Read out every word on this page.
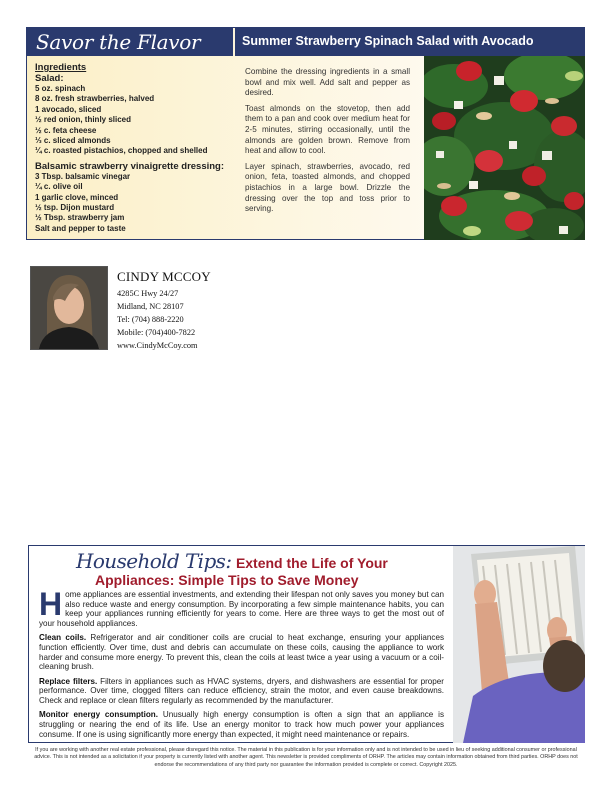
Savor the Flavor	Summer Strawberry Spinach Salad with Avocado
Ingredients
Salad:
5 oz. spinach
8 oz. fresh strawberries, halved
1 avocado, sliced
½ red onion, thinly sliced
½ c. feta cheese
⅓ c. sliced almonds
¼ c. roasted pistachios, chopped and shelled
Balsamic strawberry vinaigrette dressing:
3 Tbsp. balsamic vinegar
¼ c. olive oil
1 garlic clove, minced
½ tsp. Dijon mustard
½ Tbsp. strawberry jam
Salt and pepper to taste

Combine the dressing ingredients in a small bowl and mix well. Add salt and pepper as desired.

Toast almonds on the stovetop, then add them to a pan and cook over medium heat for 2-5 minutes, stirring occasionally, until the almonds are golden brown. Remove from heat and allow to cool.

Layer spinach, strawberries, avocado, red onion, feta, toasted almonds, and chopped pistachios in a large bowl. Drizzle the dressing over the top and toss prior to serving.

CINDY MCCOY
4285C Hwy 24/27
Midland, NC 28107
Tel: (704) 888-2220
Mobile: (704)400-7822
www.CindyMcCoy.com
Household Tips: Extend the Life of Your
Appliances: Simple Tips to Save Money

Home appliances are essential investments, and extending their lifespan not only saves you money but can also reduce waste and energy consumption. By incorporating a few simple maintenance habits, you can keep your appliances running efficiently for years to come. Here are three ways to get the most out of your household appliances.

Clean coils. Refrigerator and air conditioner coils are crucial to heat exchange, ensuring your appliances function efficiently. Over time, dust and debris can accumulate on these coils, causing the appliance to work harder and consume more energy. To prevent this, clean the coils at least twice a year using a vacuum or a coil-cleaning brush.

Replace filters. Filters in appliances such as HVAC systems, dryers, and dishwashers are essential for proper performance. Over time, clogged filters can reduce efficiency, strain the motor, and even cause breakdowns. Check and replace or clean filters regularly as recommended by the manufacturer.

Monitor energy consumption. Unusually high energy consumption is often a sign that an appliance is struggling or nearing the end of its life. Use an energy monitor to track how much power your appliances consume. If one is using significantly more energy than expected, it might need maintenance or repairs.

If you are working with another real estate professional, please disregard this notice. The material in this publication is for your information only and is not intended to be used in lieu of seeking additional consumer or professional advice. This is not intended as a solicitation if your property is currently listed with another agent. This newsletter is provided compliments of ORHP. The articles may contain information obtained from third parties. ORHP does not endorse the recommendations of any third party nor guarantee the information provided is complete or correct. Copyright 2025.
